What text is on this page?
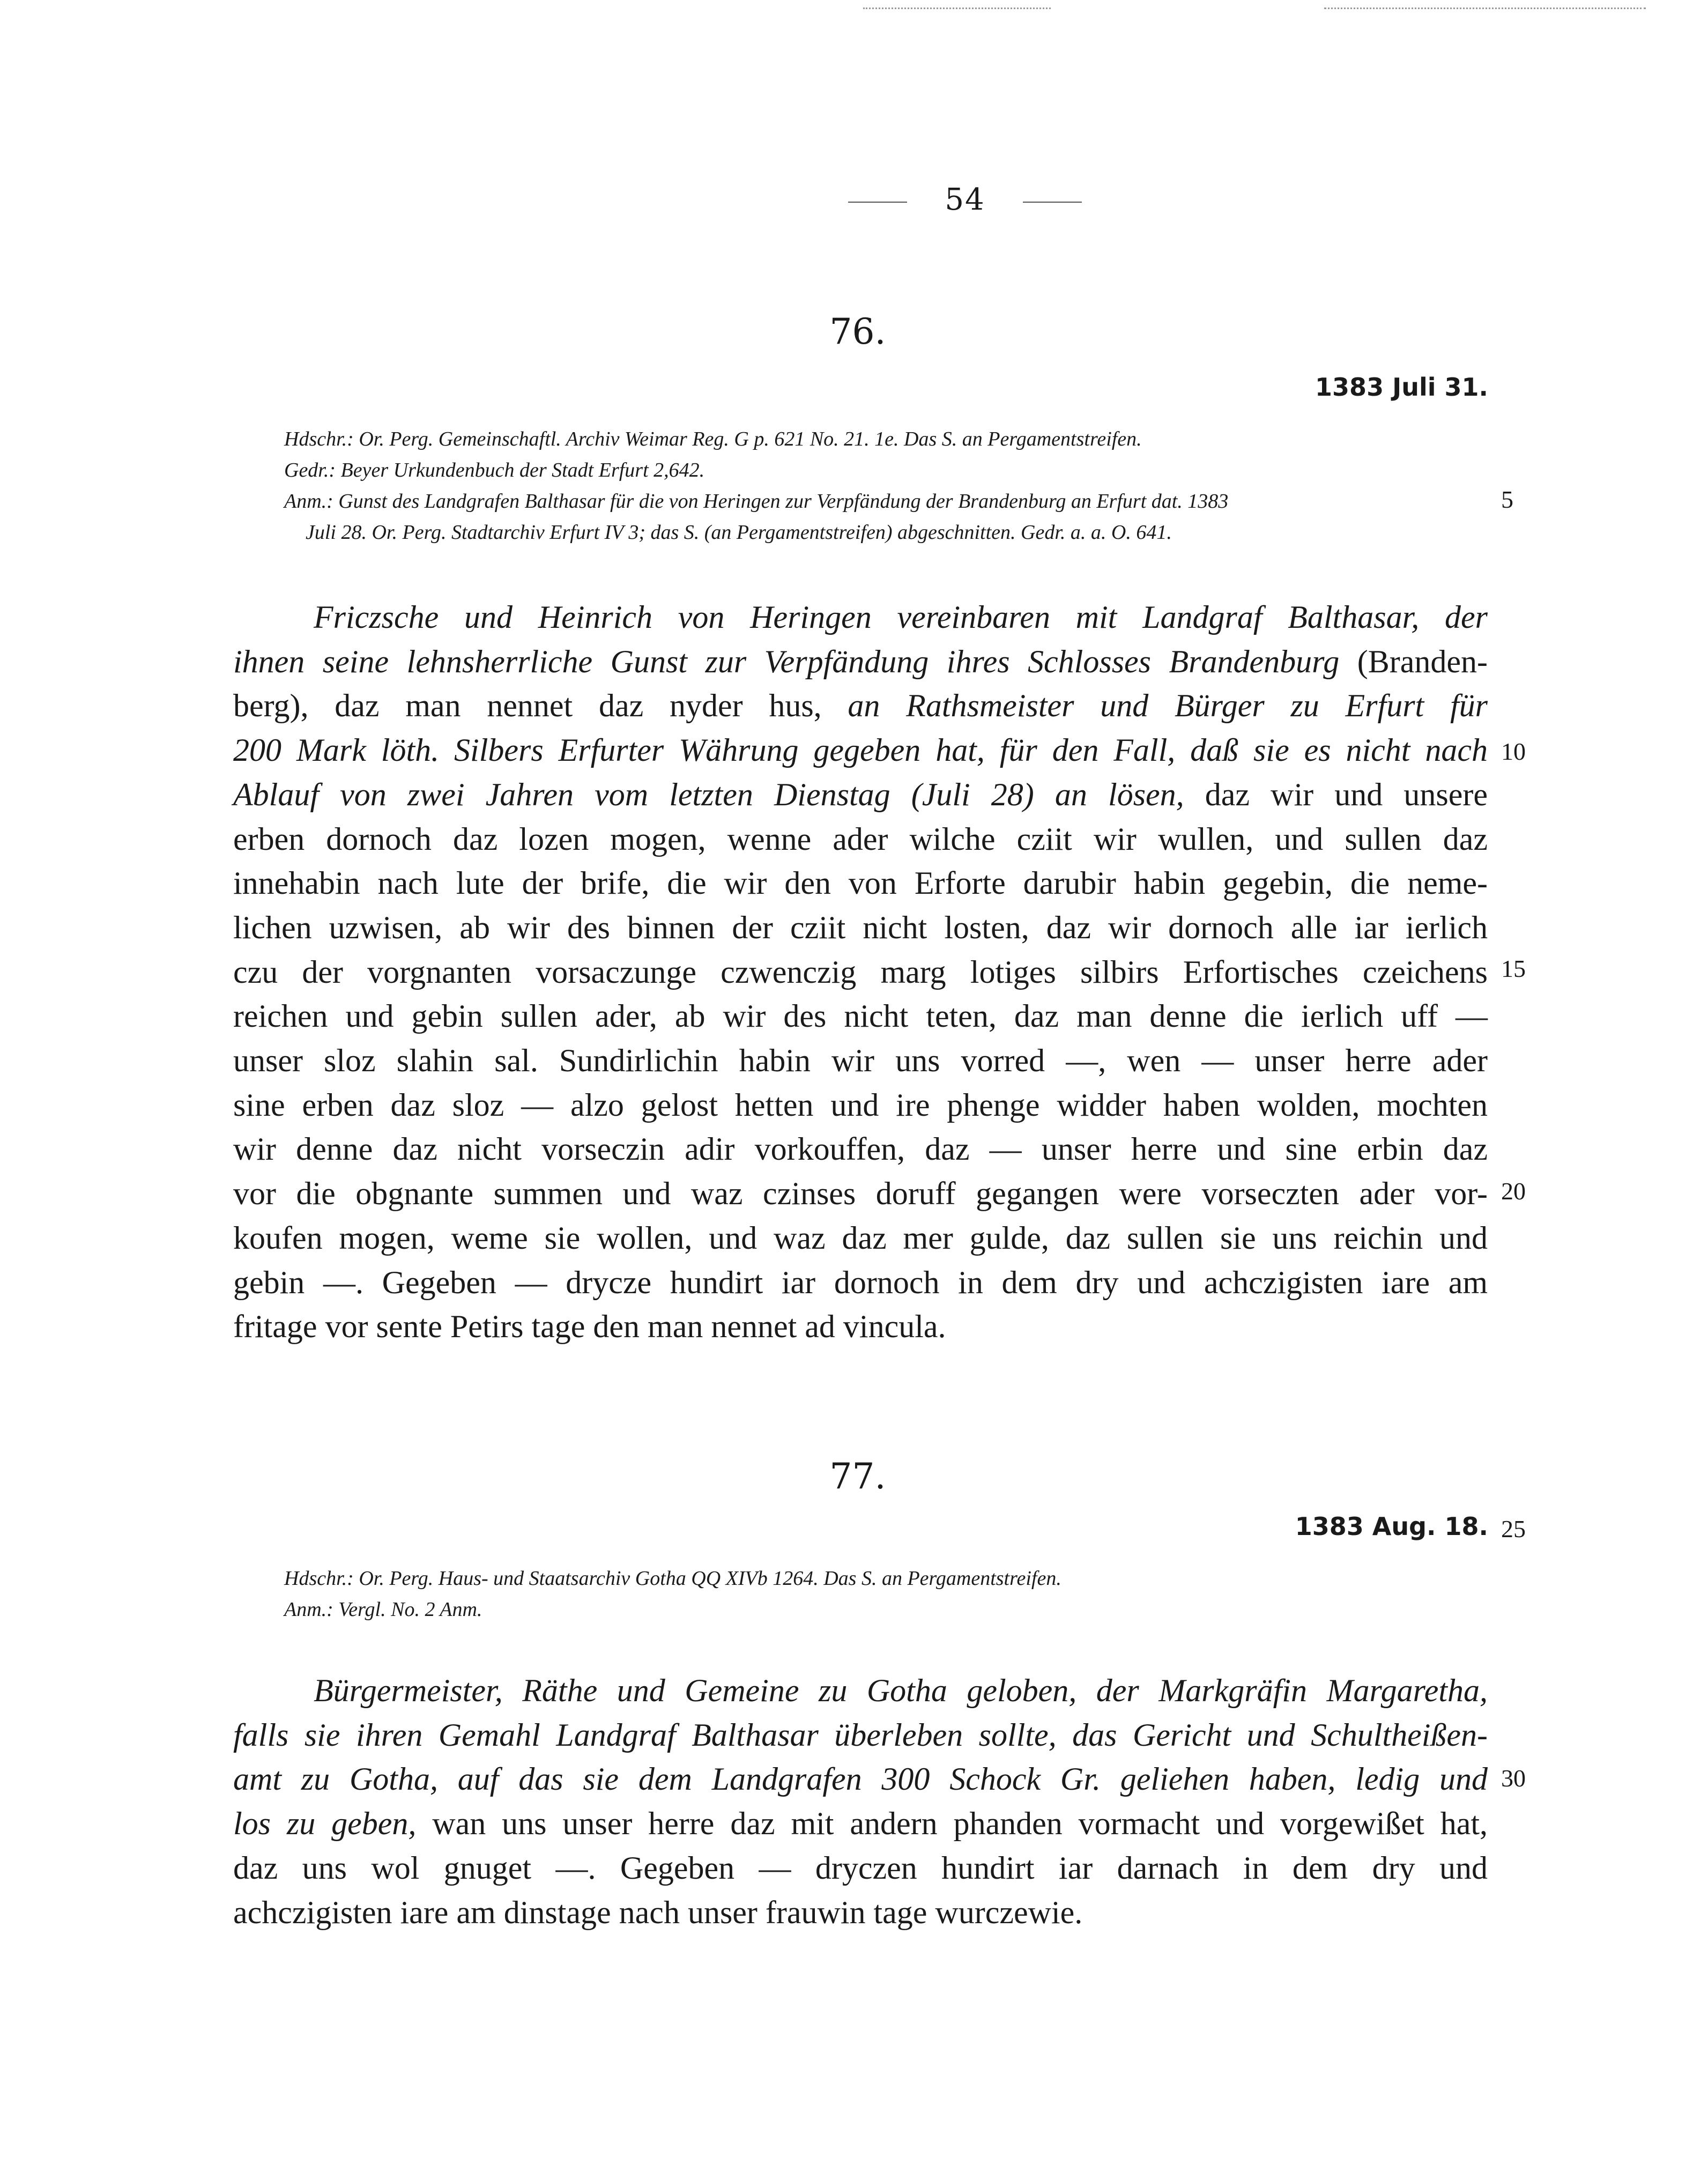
54
76.
1383 Juli 31.
Hdschr.: Or. Perg. Gemeinschaftl. Archiv Weimar Reg. G p. 621 No. 21. 1e. Das S. an Pergamentstreifen.
Gedr.: Beyer Urkundenbuch der Stadt Erfurt 2,642.
Anm.: Gunst des Landgrafen Balthasar für die von Heringen zur Verpfändung der Brandenburg an Erfurt dat. 1383
Juli 28. Or. Perg. Stadtarchiv Erfurt IV 3; das S. (an Pergamentstreifen) abgeschnitten. Gedr. a. a. O. 641.
Friczsche und Heinrich von Heringen vereinbaren mit Landgraf Balthasar, der
ihnen seine lehnsherrliche Gunst zur Verpfändung ihres Schlosses Brandenburg (Branden-
berg), daz man nennet daz nyder hus, an Rathsmeister und Bürger zu Erfurt für
200 Mark löth. Silbers Erfurter Währung gegeben hat, für den Fall, daß sie es nicht nach
Ablauf von zwei Jahren vom letzten Dienstag (Juli 28) an lösen, daz wir und unsere
erben dornoch daz lozen mogen, wenne ader wilche cziit wir wullen, und sullen daz
innehabin nach lute der brife, die wir den von Erforte darubir habin gegebin, die neme-
lichen uzwisen, ab wir des binnen der cziit nicht losten, daz wir dornoch alle iar ierlich
czu der vorgnanten vorsaczunge czwenczig marg lotiges silbirs Erfortisches czeichens
reichen und gebin sullen ader, ab wir des nicht teten, daz man denne die ierlich uff —
unser sloz slahin sal. Sundirlichin habin wir uns vorred —, wen — unser herre ader
sine erben daz sloz — alzo gelost hetten und ire phenge widder haben wolden, mochten
wir denne daz nicht vorseczin adir vorkouffen, daz — unser herre und sine erbin daz
vor die obgnante summen und waz czinses doruff gegangen were vorseczten ader vor-
koufen mogen, weme sie wollen, und waz daz mer gulde, daz sullen sie uns reichin und
gebin —. Gegeben — drycze hundirt iar dornoch in dem dry und achczigisten iare am
fritage vor sente Petirs tage den man nennet ad vincula.
77.
1383 Aug. 18.
Hdschr.: Or. Perg. Haus- und Staatsarchiv Gotha QQ XIVb 1264. Das S. an Pergamentstreifen.
Anm.: Vergl. No. 2 Anm.
Bürgermeister, Räthe und Gemeine zu Gotha geloben, der Markgräfin Margaretha,
falls sie ihren Gemahl Landgraf Balthasar überleben sollte, das Gericht und Schultheißen-
amt zu Gotha, auf das sie dem Landgrafen 300 Schock Gr. geliehen haben, ledig und
los zu geben, wan uns unser herre daz mit andern phanden vormacht und vorgewißet hat,
daz uns wol gnuget —. Gegeben — dryczen hundirt iar darnach in dem dry und
achczigisten iare am dinstage nach unser frauwin tage wurczewie.
5
10
15
20
25
30
